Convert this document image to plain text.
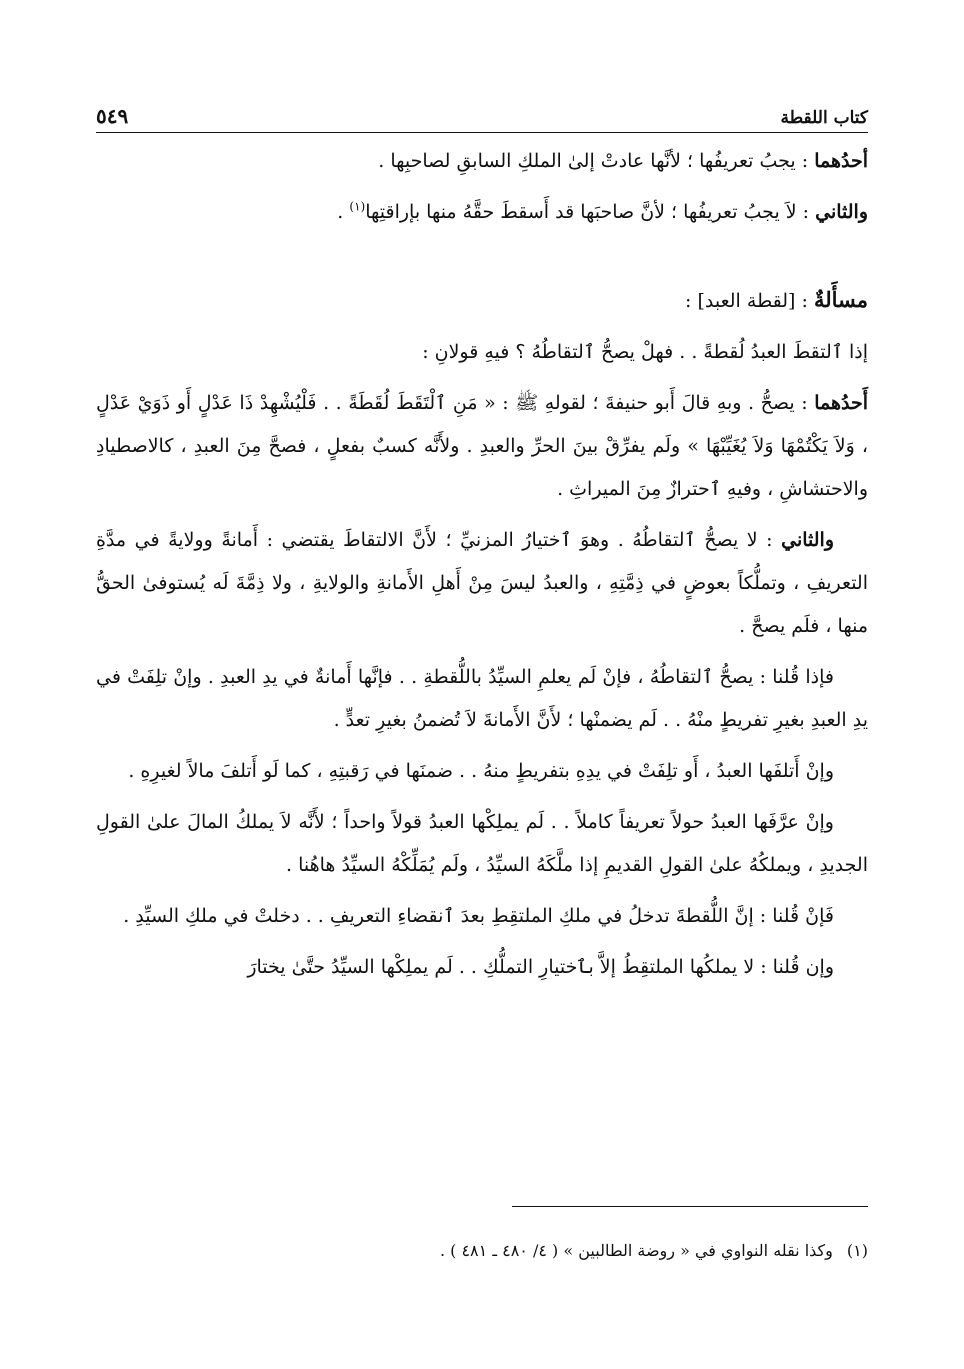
كتاب اللقطة
٥٤٩

أحدُهما : يجبُ تعريفُها ؛ لأنَّها عادتْ إلىٰ الملكِ السابقِ لصاحبِها .

والثاني : لاَ يجبُ تعريفُها ؛ لأنَّ صاحبَها قد أَسقطَ حقَّهُ منها بإراقتِها$^{(١)}$ .

مسأَلةٌ : [لقطة العبد] :

إذا ٱلتقطَ العبدُ لُقطةً . . فهلْ يصحُّ ٱلتقاطُهُ ؟ فيهِ قولانِ :

أَحدُهما : يصحُّ . وبهِ قالَ أَبو حنيفةَ ؛ لقولهِ ﷺ : « مَنِ ٱلْتَقَطَ لُقَطَةً . . فَلْيُشْهِدْ ذَا عَدْلٍ أَو ذَوَيْ عَدْلٍ ، وَلاَ يَكْتُمْهَا وَلاَ يُغَيِّبْهَا » ولَم يفرِّقْ بينَ الحرِّ والعبدِ . ولأَنَّه كسبٌ بفعلٍ ، فصحَّ مِنَ العبدِ ، كالاصطيادِ والاحتشاشِ ، وفيهِ ٱحترازٌ مِنَ الميراثِ .

والثاني : لا يصحُّ ٱلتقاطُهُ . وهوَ ٱختيارُ المزنيِّ ؛ لأَنَّ الالتقاطَ يقتضي : أَمانةً وولايةً في مدَّةِ التعريفِ ، وتملُّكاً بعوضٍ في ذِمَّتِهِ ، والعبدُ ليسَ مِنْ أَهلِ الأَمانةِ والولايةِ ، ولا ذِمَّةَ لَه يُستوفىٰ الحقُّ منها ، فلَم يصحَّ .

فإذا قُلنا : يصحُّ ٱلتقاطُهُ ، فإنْ لَم يعلمِ السيِّدُ باللُّقطةِ . . فإنَّها أَمانةٌ في يدِ العبدِ . وإنْ تلِفَتْ في يدِ العبدِ بغيرِ تفريطٍ منْهُ . . لَم يضمنْها ؛ لأَنَّ الأَمانةَ لاَ تُضمنُ بغيرِ تعدٍّ .

وإنْ أَتلفَها العبدُ ، أَو تلِفَتْ في يدِهِ بتفريطٍ منهُ . . ضمنَها في رَقبتِهِ ، كما لَو أَتلفَ مالاً لغيرِهِ .

وإنْ عرَّفَها العبدُ حولاً تعريفاً كاملاً . . لَم يملِكْها العبدُ قولاً واحداً ؛ لأَنَّه لاَ يملكُ المالَ علىٰ القولِ الجديدِ ، ويملكُهُ علىٰ القولِ القديمِ إذا ملَّكَهُ السيِّدُ ، ولَم يُمَلِّكْهُ السيِّدُ هاهُنا .

فَإنْ قُلنا : إنَّ اللُّقطةَ تدخلُ في ملكِ الملتقِطِ بعدَ ٱنقضاءِ التعريفِ . . دخلتْ في ملكِ السيِّدِ .

وإن قُلنا : لا يملكُها الملتقِطُ إلاَّ بٱختيارِ التملُّكِ . . لَم يملِكْها السيِّدُ حتَّىٰ يختارَ

(١)وكذا نقله النواوي في « روضة الطالبين » ( ٤/ ٤٨٠ ـ ٤٨١ ) .
